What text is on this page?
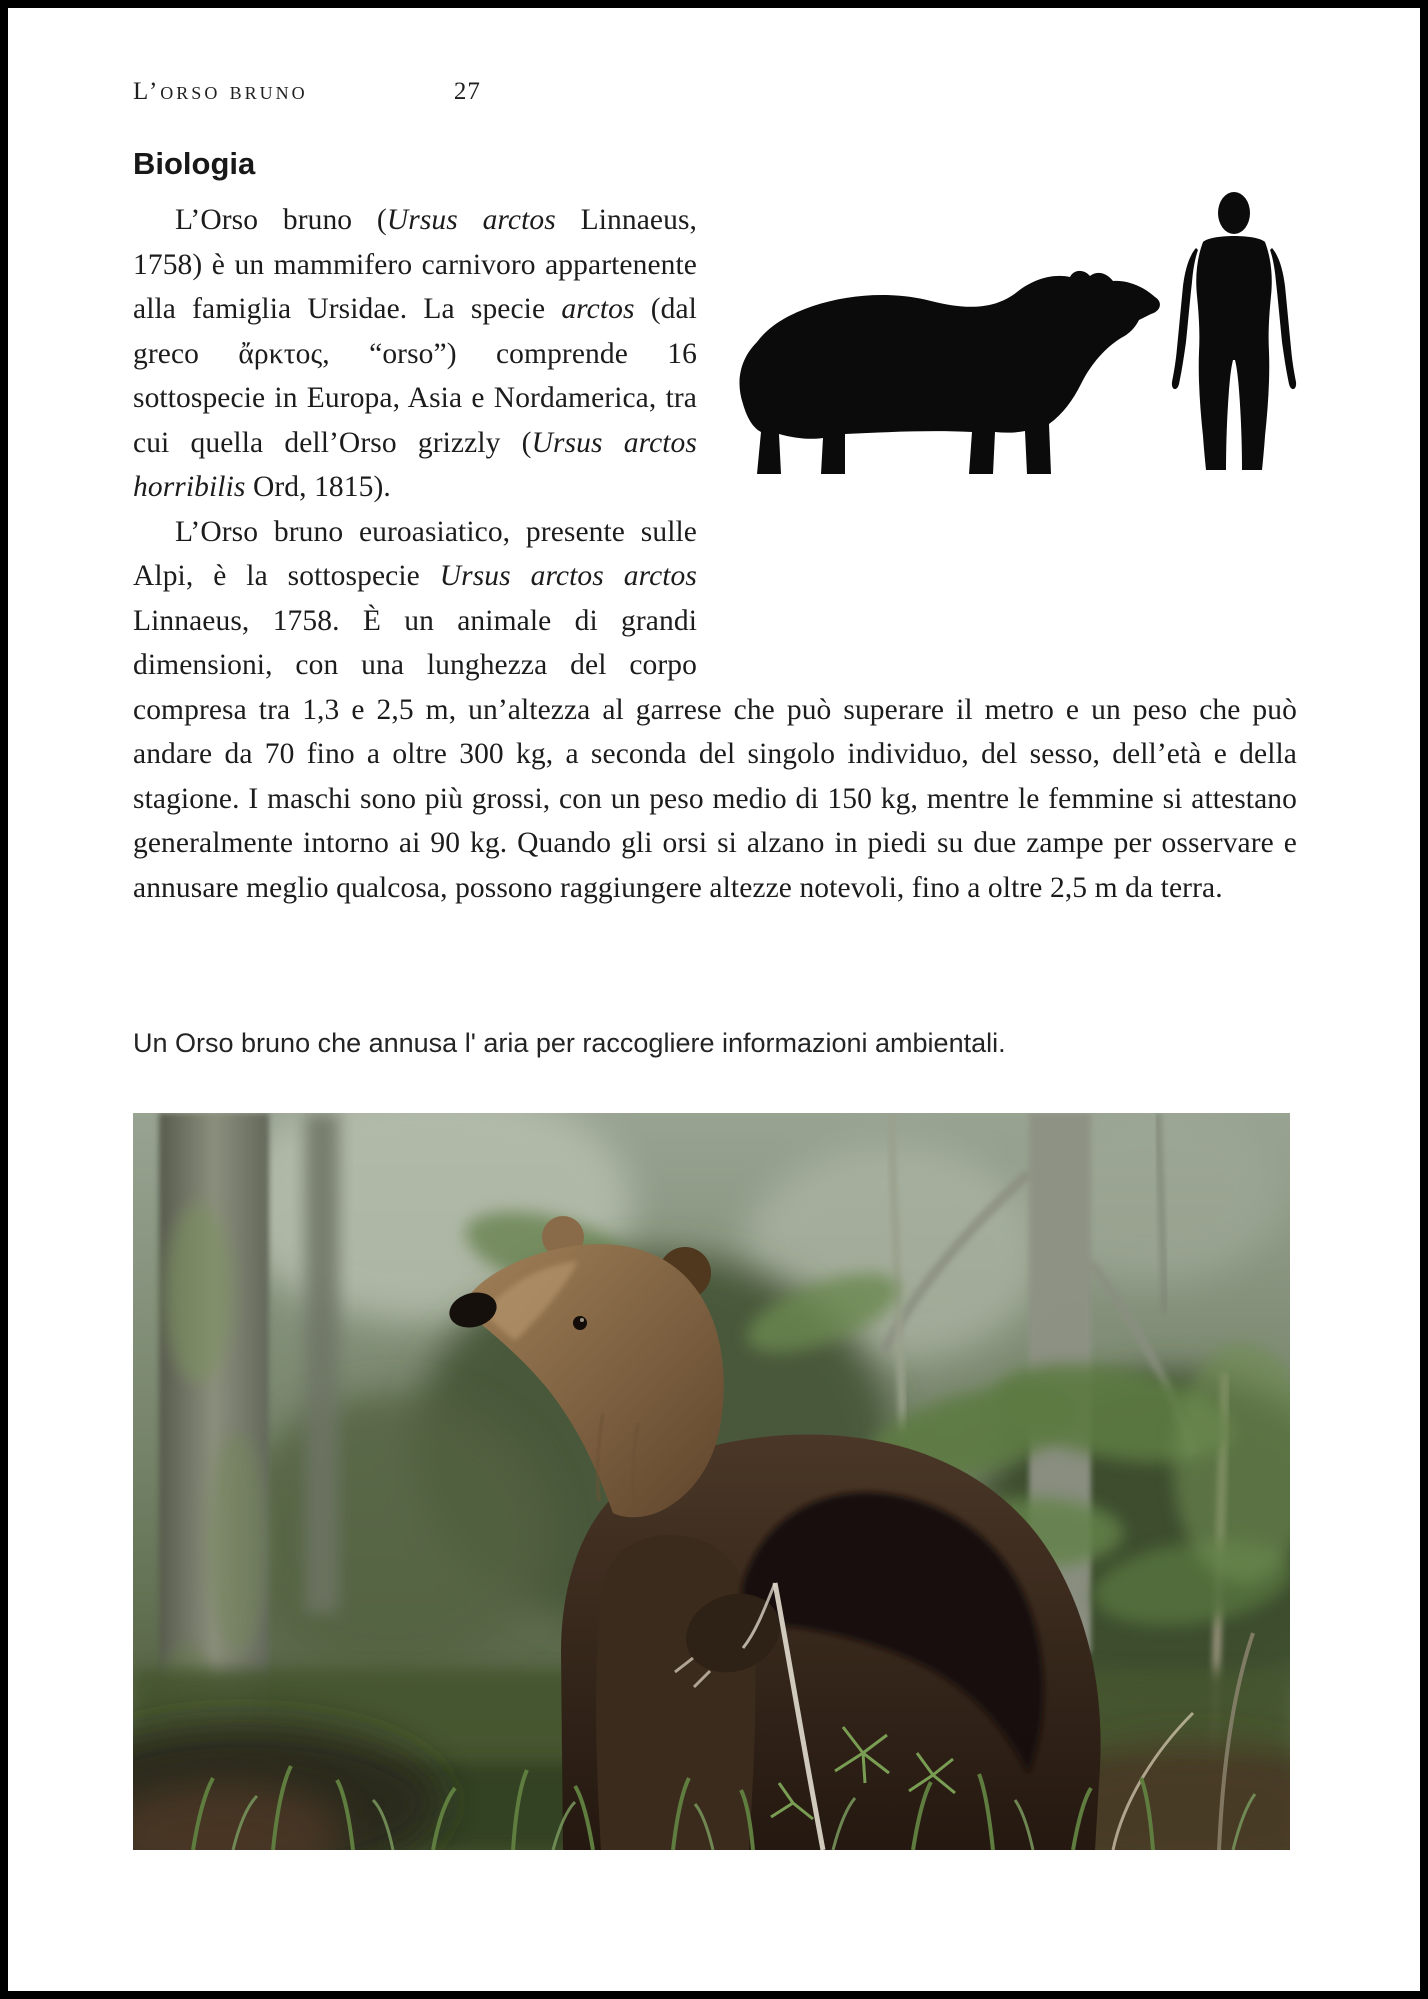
L’orso bruno	27
Biologia

L’Orso bruno (Ursus arctos Linnaeus, 1758) è un mammifero carnivoro appartenente alla famiglia Ursidae. La specie arctos (dal greco ἄρκτος, “orso”) comprende 16 sottospecie in Europa, Asia e Nordamerica, tra cui quella dell’Orso grizzly (Ursus arctos horribilis Ord, 1815).

L’Orso bruno euroasiatico, presente sulle Alpi, è la sottospecie Ursus arctos arctos Linnaeus, 1758. È un animale di grandi dimensioni, con una lunghezza del corpo compresa tra 1,3 e 2,5 m, un’altezza al garrese che può superare il metro e un peso che può andare da 70 fino a oltre 300 kg, a seconda del singolo individuo, del sesso, dell’età e della stagione. I maschi sono più grossi, con un peso medio di 150 kg, mentre le femmine si attestano generalmente intorno ai 90 kg. Quando gli orsi si alzano in piedi su due zampe per osservare e annusare meglio qualcosa, possono raggiungere altezze notevoli, fino a oltre 2,5 m da terra.

Un Orso bruno che annusa l' aria per raccogliere informazioni ambientali.
